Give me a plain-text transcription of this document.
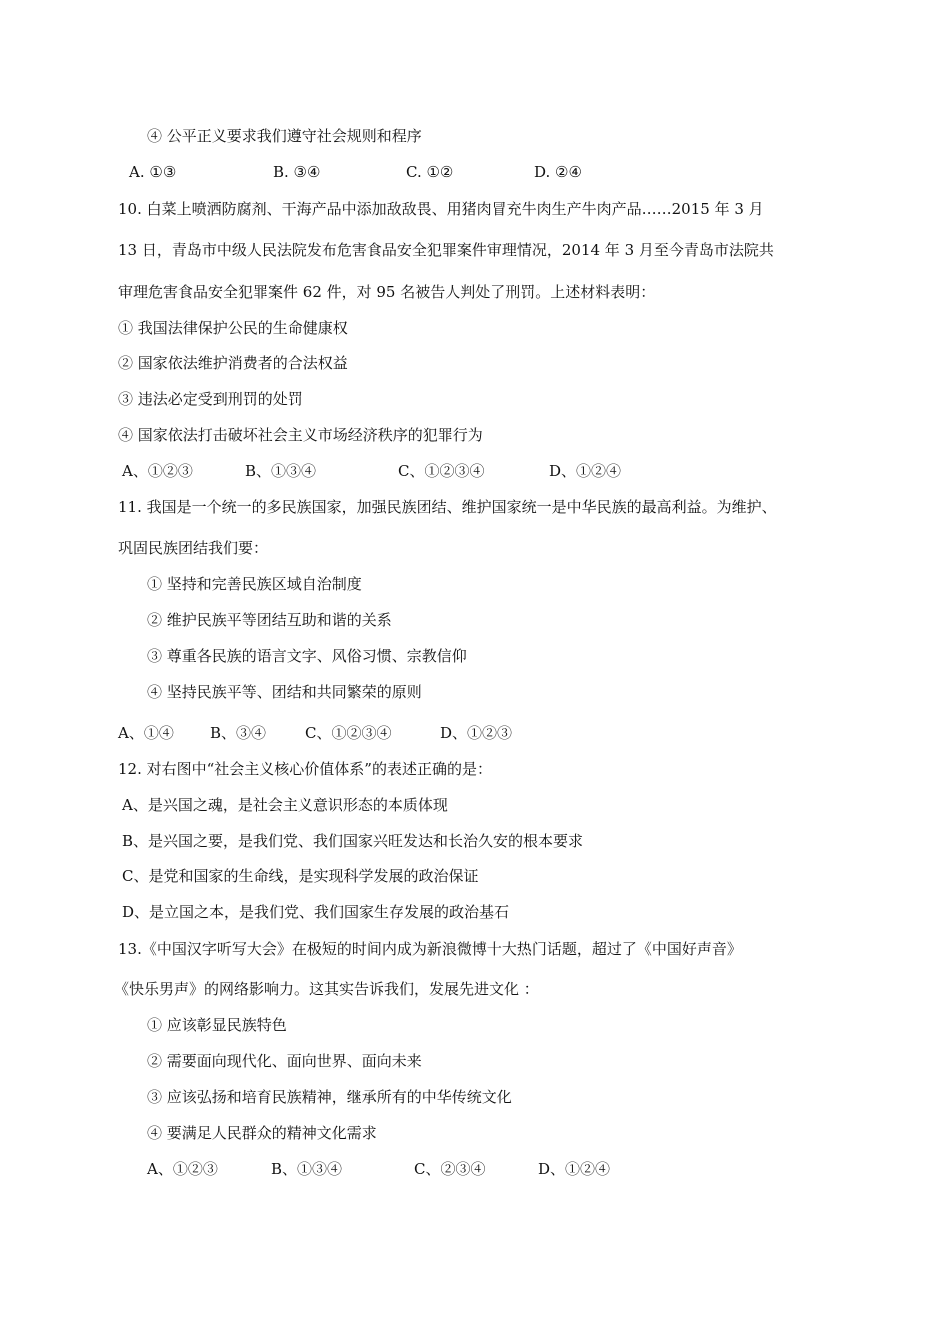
④ 公平正义要求我们遵守社会规则和程序
A. ①③	B. ③④	C. ①②	D. ②④
10. 白菜上喷洒防腐剂、干海产品中添加敌敌畏、用猪肉冒充牛肉生产牛肉产品……2015 年 3 月
13 日，青岛市中级人民法院发布危害食品安全犯罪案件审理情况，2014 年 3 月至今青岛市法院共
审理危害食品安全犯罪案件 62 件，对 95 名被告人判处了刑罚。上述材料表明：
① 我国法律保护公民的生命健康权
② 国家依法维护消费者的合法权益
③ 违法必定受到刑罚的处罚
④ 国家依法打击破坏社会主义市场经济秩序的犯罪行为
A、①②③	B、①③④	C、①②③④	D、①②④
11. 我国是一个统一的多民族国家，加强民族团结、维护国家统一是中华民族的最高利益。为维护、
巩固民族团结我们要：
① 坚持和完善民族区域自治制度
② 维护民族平等团结互助和谐的关系
③ 尊重各民族的语言文字、风俗习惯、宗教信仰
④ 坚持民族平等、团结和共同繁荣的原则
A、①④ B、③④	C、①②③④	D、①②③
12. 对右图中“社会主义核心价值体系”的表述正确的是：
A、是兴国之魂，是社会主义意识形态的本质体现
B、是兴国之要，是我们党、我们国家兴旺发达和长治久安的根本要求
C、是党和国家的生命线，是实现科学发展的政治保证
D、是立国之本，是我们党、我们国家生存发展的政治基石
13.《中国汉字听写大会》在极短的时间内成为新浪微博十大热门话题，超过了《中国好声音》
《快乐男声》的网络影响力。这其实告诉我们，发展先进文化 ：
① 应该彰显民族特色
② 需要面向现代化、面向世界、面向未来
③ 应该弘扬和培育民族精神，继承所有的中华传统文化
④ 要满足人民群众的精神文化需求
A、①②③	B、①③④	C、②③④	D、①②④
